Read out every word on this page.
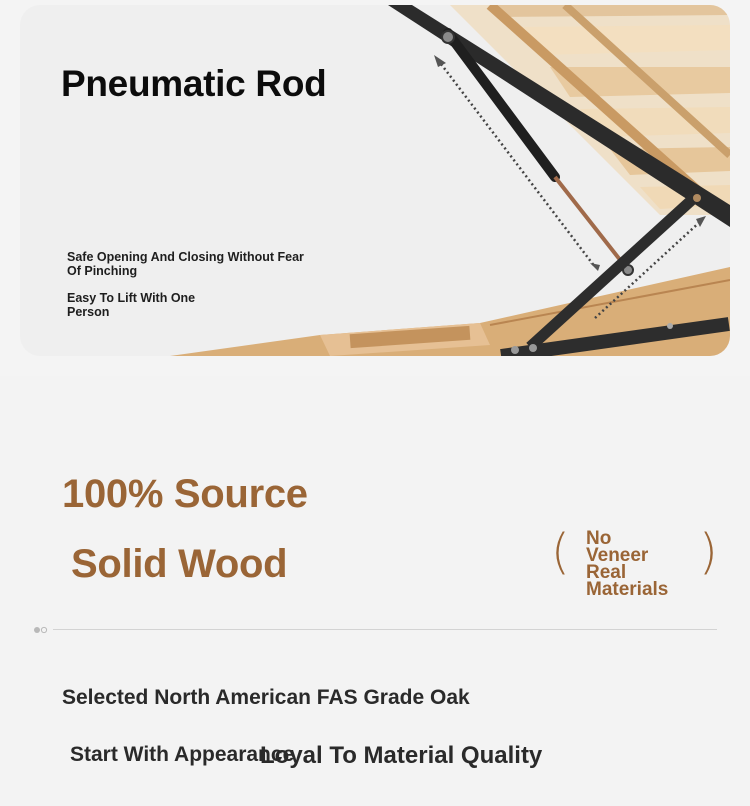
Pneumatic Rod
Safe Opening And Closing Without Fear Of Pinching
Easy To Lift With One Person
100% Source
Solid Wood	( No
Veneer
Real
Materials
)
Selected North American FAS Grade Oak
Start With Appearance
Loyal To Material Quality
